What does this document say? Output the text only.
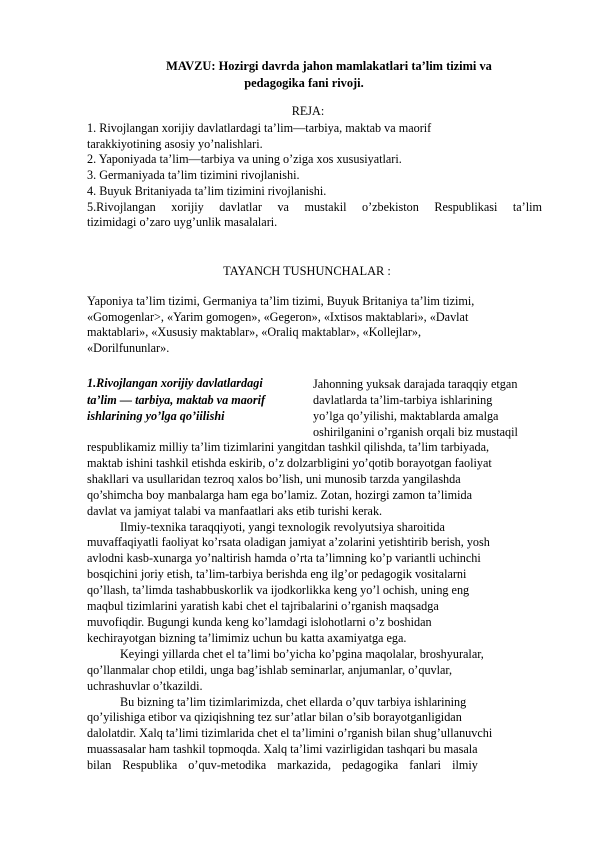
MAVZU: Hozirgi davrda jahon mamlakatlari ta’lim tizimi va
pedagogika fani rivoji.
REJA:

1. Rivojlangan xorijiy davlatlardagi ta’lim—tarbiya, maktab va maorif

tarakkiyotining asosiy yo’nalishlari.

2. Yaponiyada ta’lim—tarbiya va uning o’ziga xos xususiyatlari.

3. Germaniyada ta’lim tizimini rivojlanishi.

4. Buyuk Britaniyada ta’lim tizimini rivojlanishi.

5.Rivojlangan xorijiy davlatlar va mustakil o’zbekiston Respublikasi ta’lim

tizimidagi o’zaro uyg’unlik masalalari.

TAYANCH TUSHUNCHALAR :

Yaponiya ta’lim tizimi, Germaniya ta’lim tizimi, Buyuk Britaniya ta’lim tizimi,

«Gomogenlar>, «Yarim gomogen», «Gegeron», «Ixtisos maktablari», «Davlat

maktablari», «Xususiy maktablar», «Oraliq maktablar», «Kollejlar»,

«Dorilfununlar».

1.Rivojlangan xorijiy davlatlardagi
ta’lim — tarbiya, maktab va maorif
ishlarining yo’lga qo’iilishi
Jahonning yuksak darajada taraqqiy etgan
davlatlarda ta’lim-tarbiya ishlarining
yo’lga qo’yilishi, maktablarda amalga
oshirilganini o’rganish orqali biz mustaqil

respublikamiz milliy ta’lim tizimlarini yangitdan tashkil qilishda, ta’lim tarbiyada,
maktab ishini tashkil etishda eskirib, o’z dolzarbligini yo’qotib borayotgan faoliyat
shakllari va usullaridan tezroq xalos bo’lish, uni munosib tarzda yangilashda
qo’shimcha boy manbalarga ham ega bo’lamiz. Zotan, hozirgi zamon ta’limida
davlat va jamiyat talabi va manfaatlari aks etib turishi kerak.

Ilmiy-texnika taraqqiyoti, yangi texnologik revolyutsiya sharoitida
muvaffaqiyatli faoliyat ko’rsata oladigan jamiyat a’zolarini yetishtirib berish, yosh
avlodni kasb-xunarga yo’naltirish hamda o’rta ta’limning ko’p variantli uchinchi
bosqichini joriy etish, ta’lim-tarbiya berishda eng ilg’or pedagogik vositalarni
qo’llash, ta’limda tashabbuskorlik va ijodkorlikka keng yo’l ochish, uning eng
maqbul tizimlarini yaratish kabi chet el tajribalarini o’rganish maqsadga
muvofiqdir. Bugungi kunda keng ko’lamdagi islohotlarni o’z boshidan
kechirayotgan bizning ta’limimiz uchun bu katta axamiyatga ega.

Keyingi yillarda chet el ta’limi bo’yicha ko’pgina maqolalar, broshyuralar,
qo’llanmalar chop etildi, unga bag’ishlab seminarlar, anjumanlar, o’quvlar,
uchrashuvlar o’tkazildi.

Bu bizning ta’lim tizimlarimizda, chet ellarda o’quv tarbiya ishlarining
qo’yilishiga etibor va qiziqishning tez sur’atlar bilan o’sib borayotganligidan
dalolatdir. Xalq ta’limi tizimlarida chet el ta’limini o’rganish bilan shug’ullanuvchi
muassasalar ham tashkil topmoqda. Xalq ta’limi vazirligidan tashqari bu masala
bilan Respublika o’quv-metodika markazida, pedagogika fanlari ilmiy
